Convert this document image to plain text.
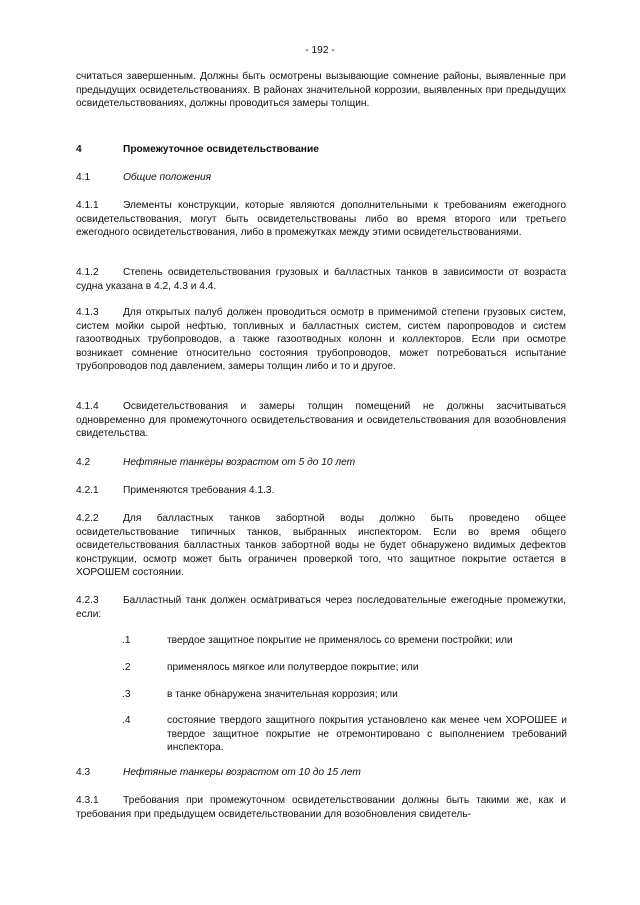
- 192 -

считаться завершенным. Должны быть осмотрены вызывающие сомнение районы, выявленные при предыдущих освидетельствованиях. В районах значительной коррозии, выявленных при предыдущих освидетельствованиях, должны проводиться замеры толщин.

4	Промежуточное освидетельствование
4.1	Общие положения

4.1.1 Элементы конструкции, которые являются дополнительными к требованиям ежегодного освидетельствования, могут быть освидетельствованы либо во время второго или третьего ежегодного освидетельствования, либо в промежутках между этими освидетельствованиями.

4.1.2 Степень освидетельствования грузовых и балластных танков в зависимости от возраста судна указана в 4.2, 4.3 и 4.4.

4.1.3 Для открытых палуб должен проводиться осмотр в применимой степени грузовых систем, систем мойки сырой нефтью, топливных и балластных систем, систем паропроводов и систем газоотводных трубопроводов, а также газоотводных колонн и коллекторов. Если при осмотре возникает сомнение относительно состояния трубопроводов, может потребоваться испытание трубопроводов под давлением, замеры толщин либо и то и другое.

4.1.4 Освидетельствования и замеры толщин помещений не должны засчитываться одновременно для промежуточного освидетельствования и освидетельствования для возобновления свидетельства.

4.2	Нефтяные танкеры возрастом от 5 до 10 лет

4.2.1 Применяются требования 4.1.3.

4.2.2 Для балластных танков забортной воды должно быть проведено общее освидетельствование типичных танков, выбранных инспектором. Если во время общего освидетельствования балластных танков забортной воды не будет обнаружено видимых дефектов конструкции, осмотр может быть ограничен проверкой того, что защитное покрытие остается в ХОРОШЕМ состоянии.

4.2.3 Балластный танк должен осматриваться через последовательные ежегодные промежутки, если:

.1	твердое защитное покрытие не применялось со времени постройки; или
.2	применялось мягкое или полутвердое покрытие; или
.3	в танке обнаружена значительная коррозия; или
.4	состояние твердого защитного покрытия установлено как менее чем ХОРОШЕЕ и твердое защитное покрытие не отремонтировано с выполнением требований инспектора.
4.3	Нефтяные танкеры возрастом от 10 до 15 лет

4.3.1 Требования при промежуточном освидетельствовании должны быть такими же, как и требования при предыдущем освидетельствовании для возобновления свидетель-
